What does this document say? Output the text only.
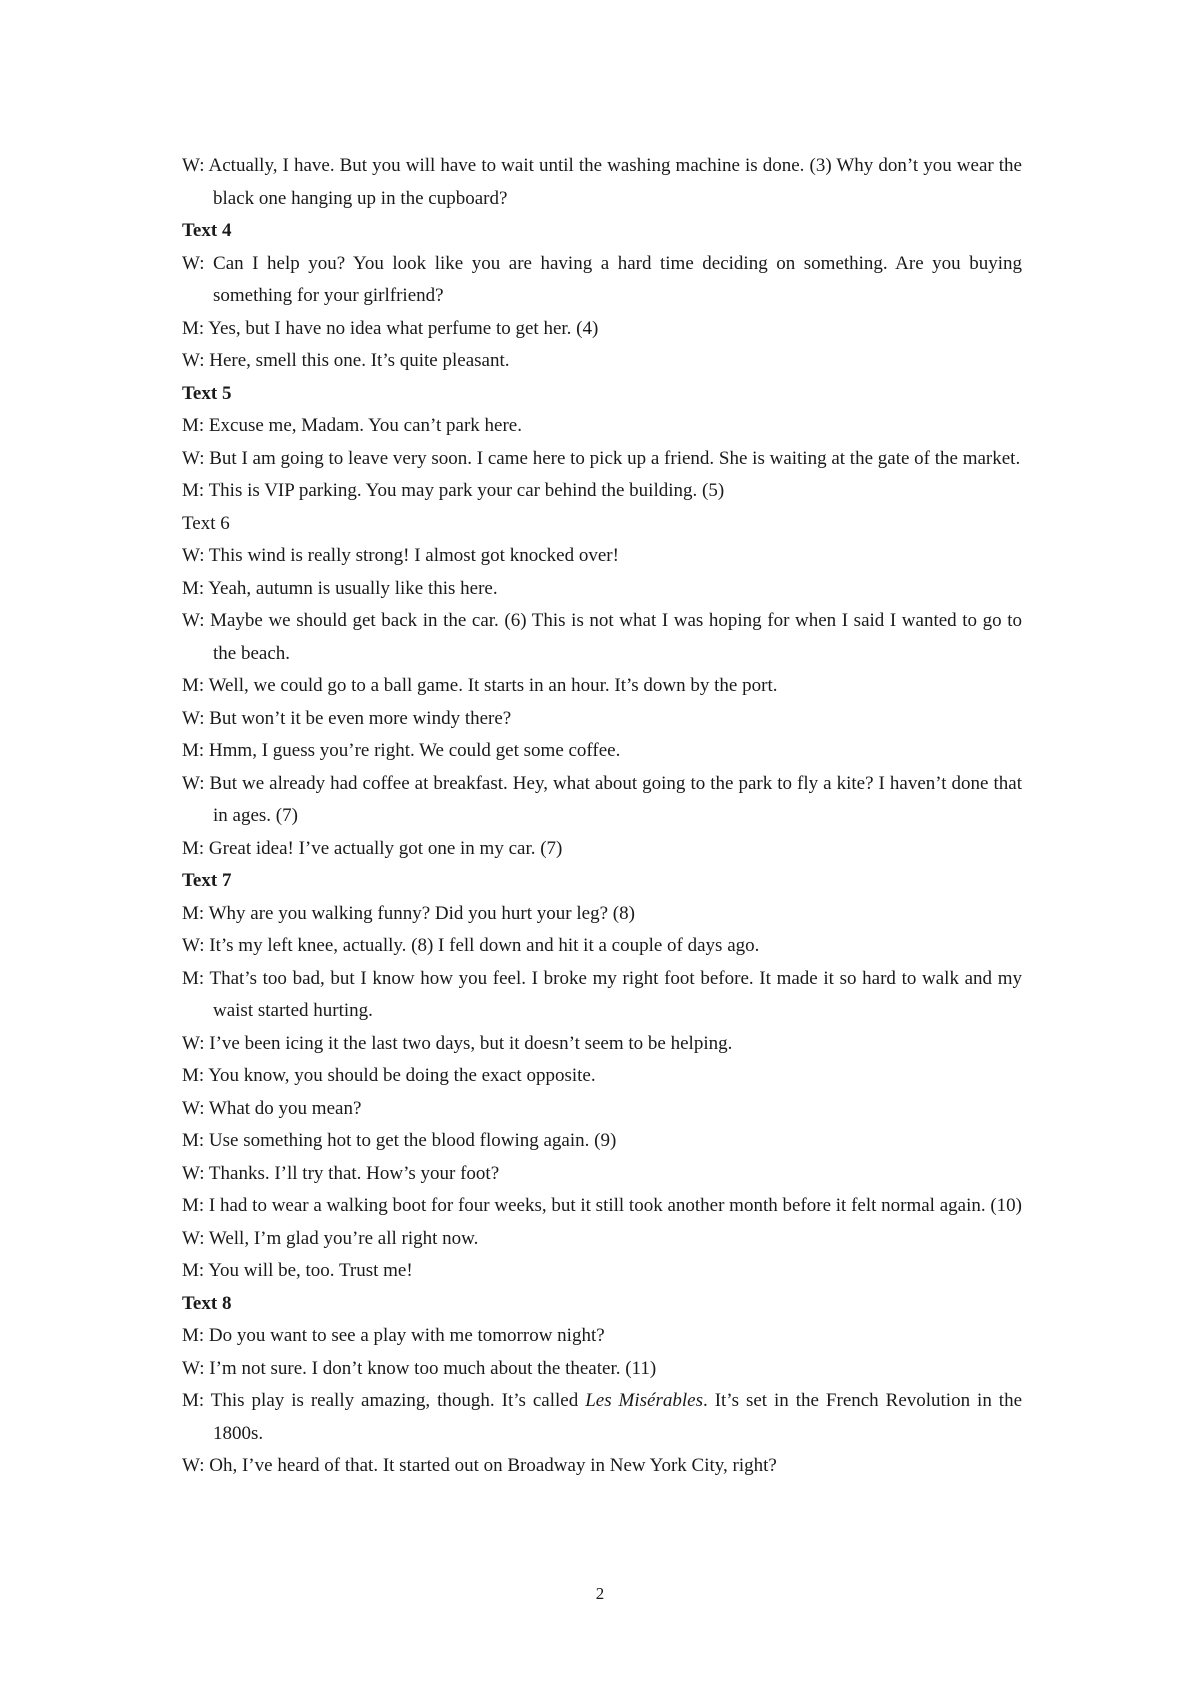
W: Actually, I have. But you will have to wait until the washing machine is done. (3) Why don’t you wear the black one hanging up in the cupboard?
Text 4
W: Can I help you? You look like you are having a hard time deciding on something. Are you buying something for your girlfriend?
M: Yes, but I have no idea what perfume to get her. (4)
W: Here, smell this one. It’s quite pleasant.
Text 5
M: Excuse me, Madam. You can’t park here.
W: But I am going to leave very soon. I came here to pick up a friend. She is waiting at the gate of the market.
M: This is VIP parking. You may park your car behind the building. (5)
Text 6
W: This wind is really strong! I almost got knocked over!
M: Yeah, autumn is usually like this here.
W: Maybe we should get back in the car. (6) This is not what I was hoping for when I said I wanted to go to the beach.
M: Well, we could go to a ball game. It starts in an hour. It’s down by the port.
W: But won’t it be even more windy there?
M: Hmm, I guess you’re right. We could get some coffee.
W: But we already had coffee at breakfast. Hey, what about going to the park to fly a kite? I haven’t done that in ages. (7)
M: Great idea! I’ve actually got one in my car. (7)
Text 7
M: Why are you walking funny? Did you hurt your leg? (8)
W: It’s my left knee, actually. (8) I fell down and hit it a couple of days ago.
M: That’s too bad, but I know how you feel. I broke my right foot before. It made it so hard to walk and my waist started hurting.
W: I’ve been icing it the last two days, but it doesn’t seem to be helping.
M: You know, you should be doing the exact opposite.
W: What do you mean?
M: Use something hot to get the blood flowing again. (9)
W: Thanks. I’ll try that. How’s your foot?
M: I had to wear a walking boot for four weeks, but it still took another month before it felt normal again. (10)
W: Well, I’m glad you’re all right now.
M: You will be, too. Trust me!
Text 8
M: Do you want to see a play with me tomorrow night?
W: I’m not sure. I don’t know too much about the theater. (11)
M: This play is really amazing, though. It’s called Les Misérables. It’s set in the French Revolution in the 1800s.
W: Oh, I’ve heard of that. It started out on Broadway in New York City, right?
2
